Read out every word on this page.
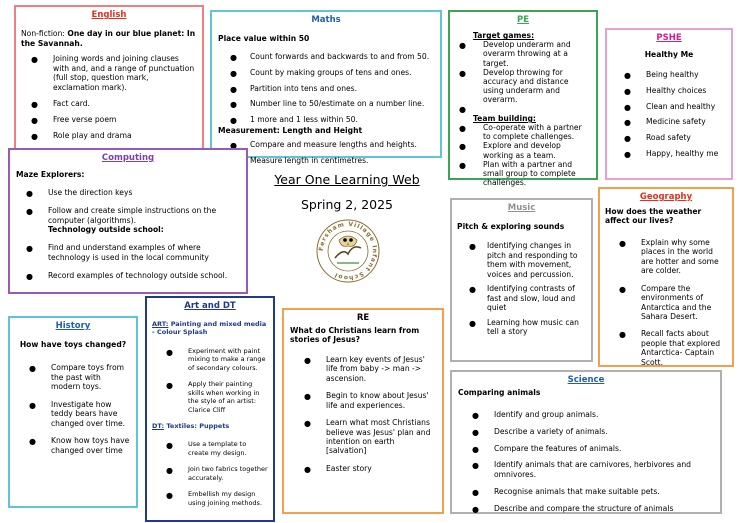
English
Non-fiction: One day in our blue planet: In the Savannah.
● Joining words and joining clauses with and, and a range of punctuation (full stop, question mark, exclamation mark).
● Fact card.
● Free verse poem
● Role play and drama
●
Maths
Place value within 50
● Count forwards and backwards to and from 50.
● Count by making groups of tens and ones.
● Partition into tens and ones.
● Number line to 50/estimate on a number line.
● 1 more and 1 less within 50.
Measurement: Length and Height
● Compare and measure lengths and heights.
● Measure length in centimetres.
PE
Target games:
● Develop underarm and overarm throwing at a target.
● Develop throwing for accuracy and distance using underarm and overarm.
●
Team building:
● Co-operate with a partner to complete challenges.
● Explore and develop working as a team.
● Plan with a partner and small group to complete challenges.
PSHE
Healthy Me
● Being healthy
● Healthy choices
● Clean and healthy
● Medicine safety
● Road safety
● Happy, healthy me
Computing
Maze Explorers:
● Use the direction keys
● Follow and create simple instructions on the computer (algorithms).
Technology outside school:
● Find and understand examples of where technology is used in the local community
● Record examples of technology outside school.
Year One Learning Web
Spring 2, 2025
Fersham Village Infant School
Music
Pitch & exploring sounds
● Identifying changes in pitch and responding to them with movement, voices and percussion.
● Identifying contrasts of fast and slow, loud and quiet
● Learning how music can tell a story
Geography
How does the weather affect our lives?
● Explain why some places in the world are hotter and some are colder.
● Compare the environments of Antarctica and the Sahara Desert.
● Recall facts about people that explored Antarctica- Captain Scott.
History
How have toys changed?
● Compare toys from the past with modern toys.
● Investigate how teddy bears have changed over time.
● Know how toys have changed over time
Art and DT
ART: Painting and mixed media - Colour Splash
● Experiment with paint mixing to make a range of secondary colours.
● Apply their painting skills when working in the style of an artist: Clarice Cliff
DT: Textiles: Puppets
● Use a template to create my design.
● Join two fabrics together accurately.
● Embellish my design using joining methods.
RE
What do Christians learn from stories of Jesus?
● Learn key events of Jesus' life from baby -> man -> ascension.
● Begin to know about Jesus' life and experiences.
● Learn what most Christians believe was Jesus' plan and intention on earth [salvation]
● Easter story
Science
Comparing animals
● Identify and group animals.
● Describe a variety of animals.
● Compare the features of animals.
● Identify animals that are carnivores, herbivores and omnivores.
● Recognise animals that make suitable pets.
● Describe and compare the structure of animals
